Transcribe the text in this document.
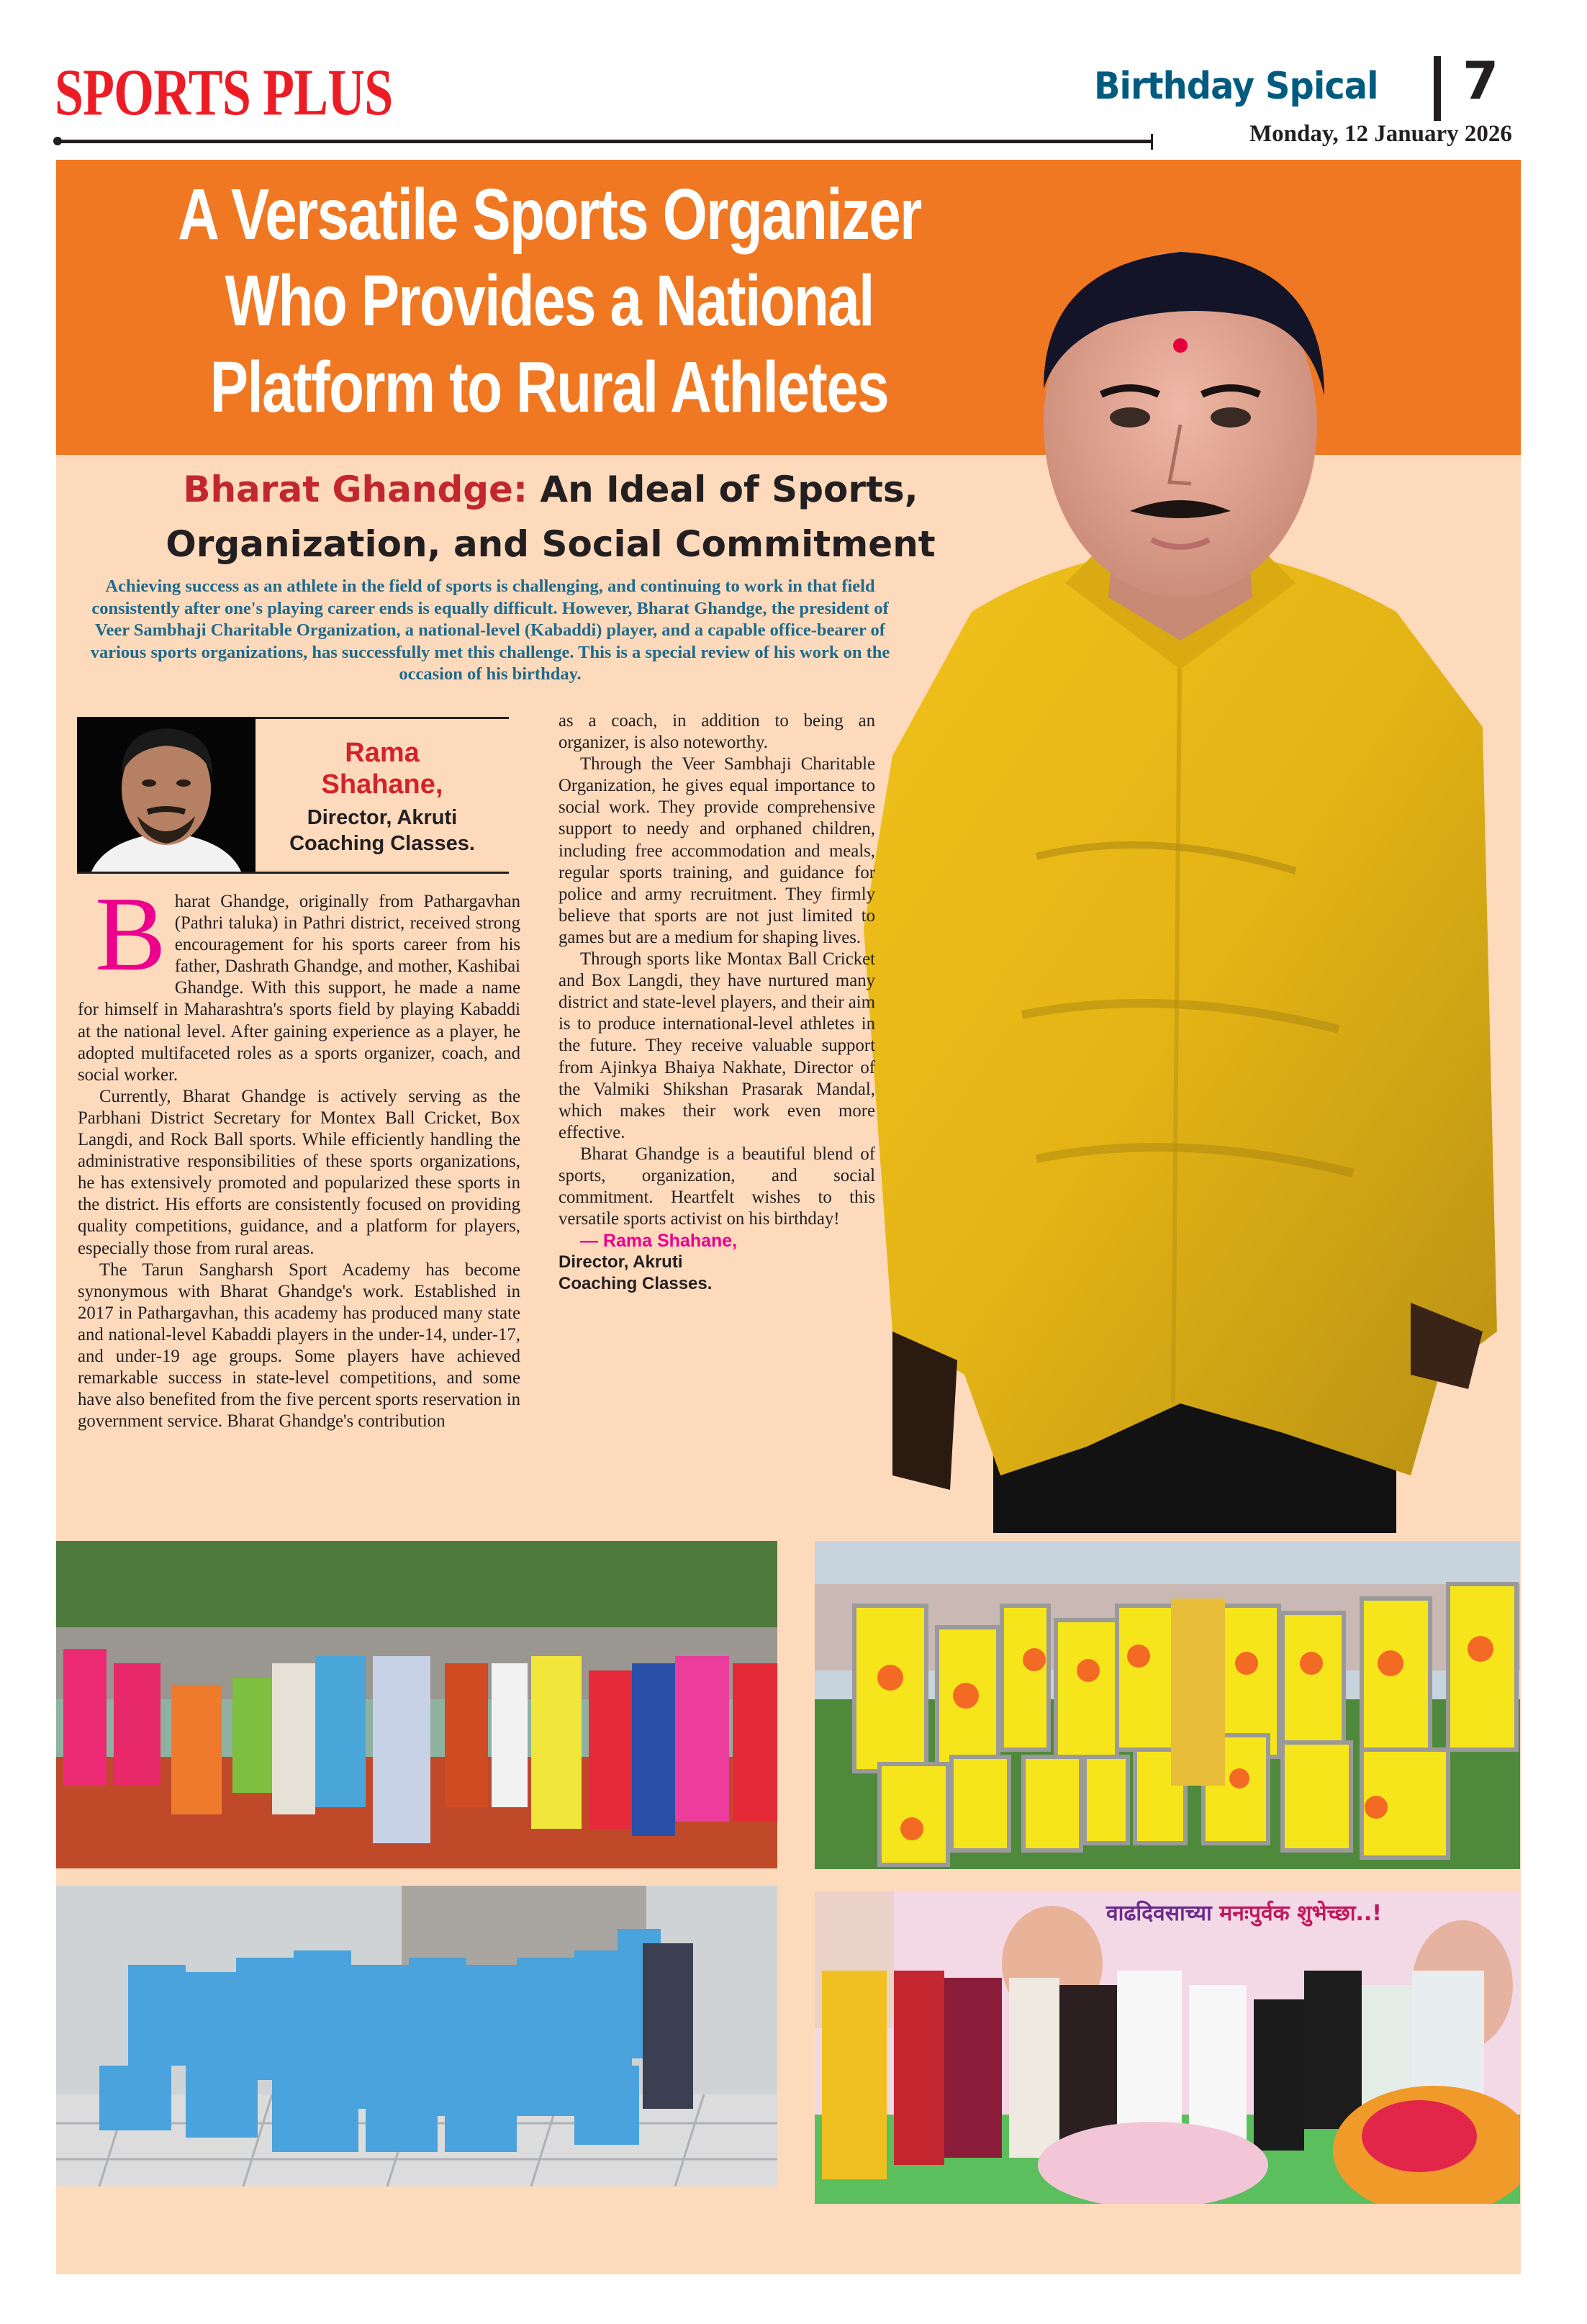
SPORTS PLUS	Birthday Spical 7
Monday, 12 January 2026
A Versatile Sports Organizer
Who Provides a National
Platform to Rural Athletes
Bharat Ghandge: An Ideal of Sports,
Organization, and Social Commitment

Achieving success as an athlete in the field of sports is challenging, and continuing to work in that field consistently after one's playing career ends is equally difficult. However, Bharat Ghandge, the president of Veer Sambhaji Charitable Organization, a national-level (Kabaddi) player, and a capable office-bearer of various sports organizations, has successfully met this challenge. This is a special review of his work on the occasion of his birthday.

Rama
Shahane,
Director, Akruti
Coaching Classes.

Bharat Ghandge, originally from Pathargavhan (Pathri taluka) in Pathri district, received strong encouragement for his sports career from his father, Dashrath Ghandge, and mother, Kashibai Ghandge. With this support, he made a name for himself in Maharashtra's sports field by playing Kabaddi at the national level. After gaining experience as a player, he adopted multifaceted roles as a sports organizer, coach, and social worker.

Currently, Bharat Ghandge is actively serving as the Parbhani District Secretary for Montex Ball Cricket, Box Langdi, and Rock Ball sports. While efficiently handling the administrative responsibilities of these sports organizations, he has extensively promoted and popularized these sports in the district. His efforts are consistently focused on providing quality competitions, guidance, and a platform for players, especially those from rural areas.

The Tarun Sangharsh Sport Academy has become synonymous with Bharat Ghandge's work. Established in 2017 in Pathargavhan, this academy has produced many state and national-level Kabaddi players in the under-14, under-17, and under-19 age groups. Some players have achieved remarkable success in state-level competitions, and some have also benefited from the five percent sports reservation in government service. Bharat Ghandge's contribution

as a coach, in addition to being an organizer, is also noteworthy.

Through the Veer Sambhaji Charitable Organization, he gives equal importance to social work. They provide comprehensive support to needy and orphaned children, including free accommodation and meals, regular sports training, and guidance for police and army recruitment. They firmly believe that sports are not just limited to games but are a medium for shaping lives.

Through sports like Montax Ball Cricket and Box Langdi, they have nurtured many district and state-level players, and their aim is to produce international-level athletes in the future. They receive valuable support from Ajinkya Bhaiya Nakhate, Director of the Valmiki Shikshan Prasarak Mandal, which makes their work even more effective.

Bharat Ghandge is a beautiful blend of sports, organization, and social commitment. Heartfelt wishes to this versatile sports activist on his birthday!

— Rama Shahane,
Director, Akruti
Coaching Classes.
वाढदिवसाच्या मनःपुर्वक शुभेच्छा..!
